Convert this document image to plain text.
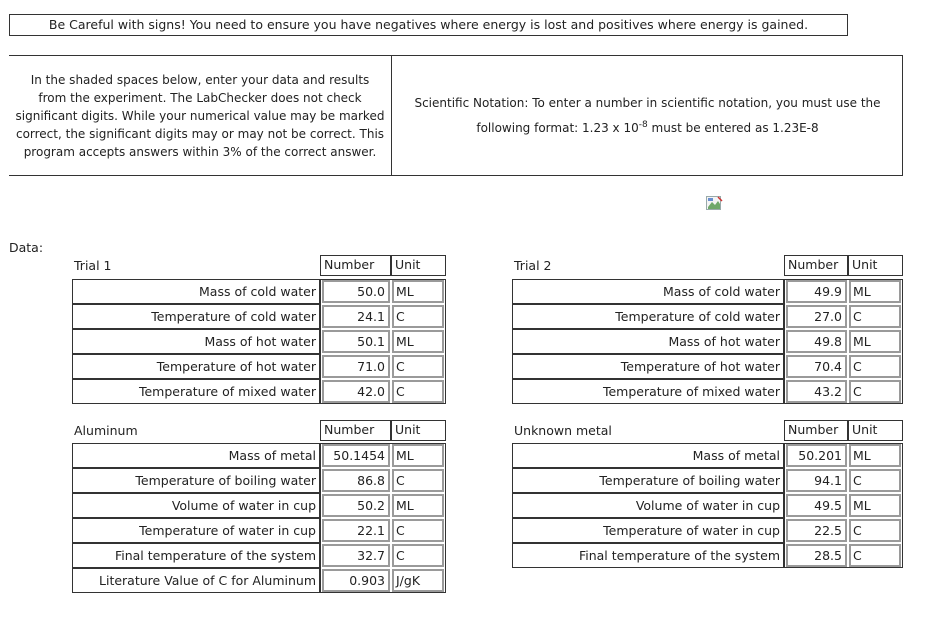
Be Careful with signs! You need to ensure you have negatives where energy is lost and positives where energy is gained.
In the shaded spaces below, enter your data and results from the experiment. The LabChecker does not check significant digits. While your numerical value may be marked correct, the significant digits may or may not be correct. This program accepts answers within 3% of the correct answer.
Scientific Notation: To enter a number in scientific notation, you must use the
following format: 1.23 x $10^{-8}$ must be entered as 1.23E-8
Data:
Trial 1	Number	Unit
Mass of cold water	50.0 ML
Temperature of cold water	24.1 C
Mass of hot water	50.1 ML
Temperature of hot water	71.0 C
Temperature of mixed water	42.0 C
Trial 2	Number	Unit
Mass of cold water	49.9 ML
Temperature of cold water	27.0 C
Mass of hot water	49.8 ML
Temperature of hot water	70.4 C
Temperature of mixed water	43.2 C
Aluminum	Number	Unit
Mass of metal	50.1454 ML
Temperature of boiling water	86.8 C
Volume of water in cup	50.2 ML
Temperature of water in cup	22.1 C
Final temperature of the system	32.7 C
Literature Value of C for Aluminum	0.903 J/gK
Unknown metal	Number	Unit
Mass of metal	50.201 ML
Temperature of boiling water	94.1 C
Volume of water in cup	49.5 ML
Temperature of water in cup	22.5 C
Final temperature of the system	28.5 C
